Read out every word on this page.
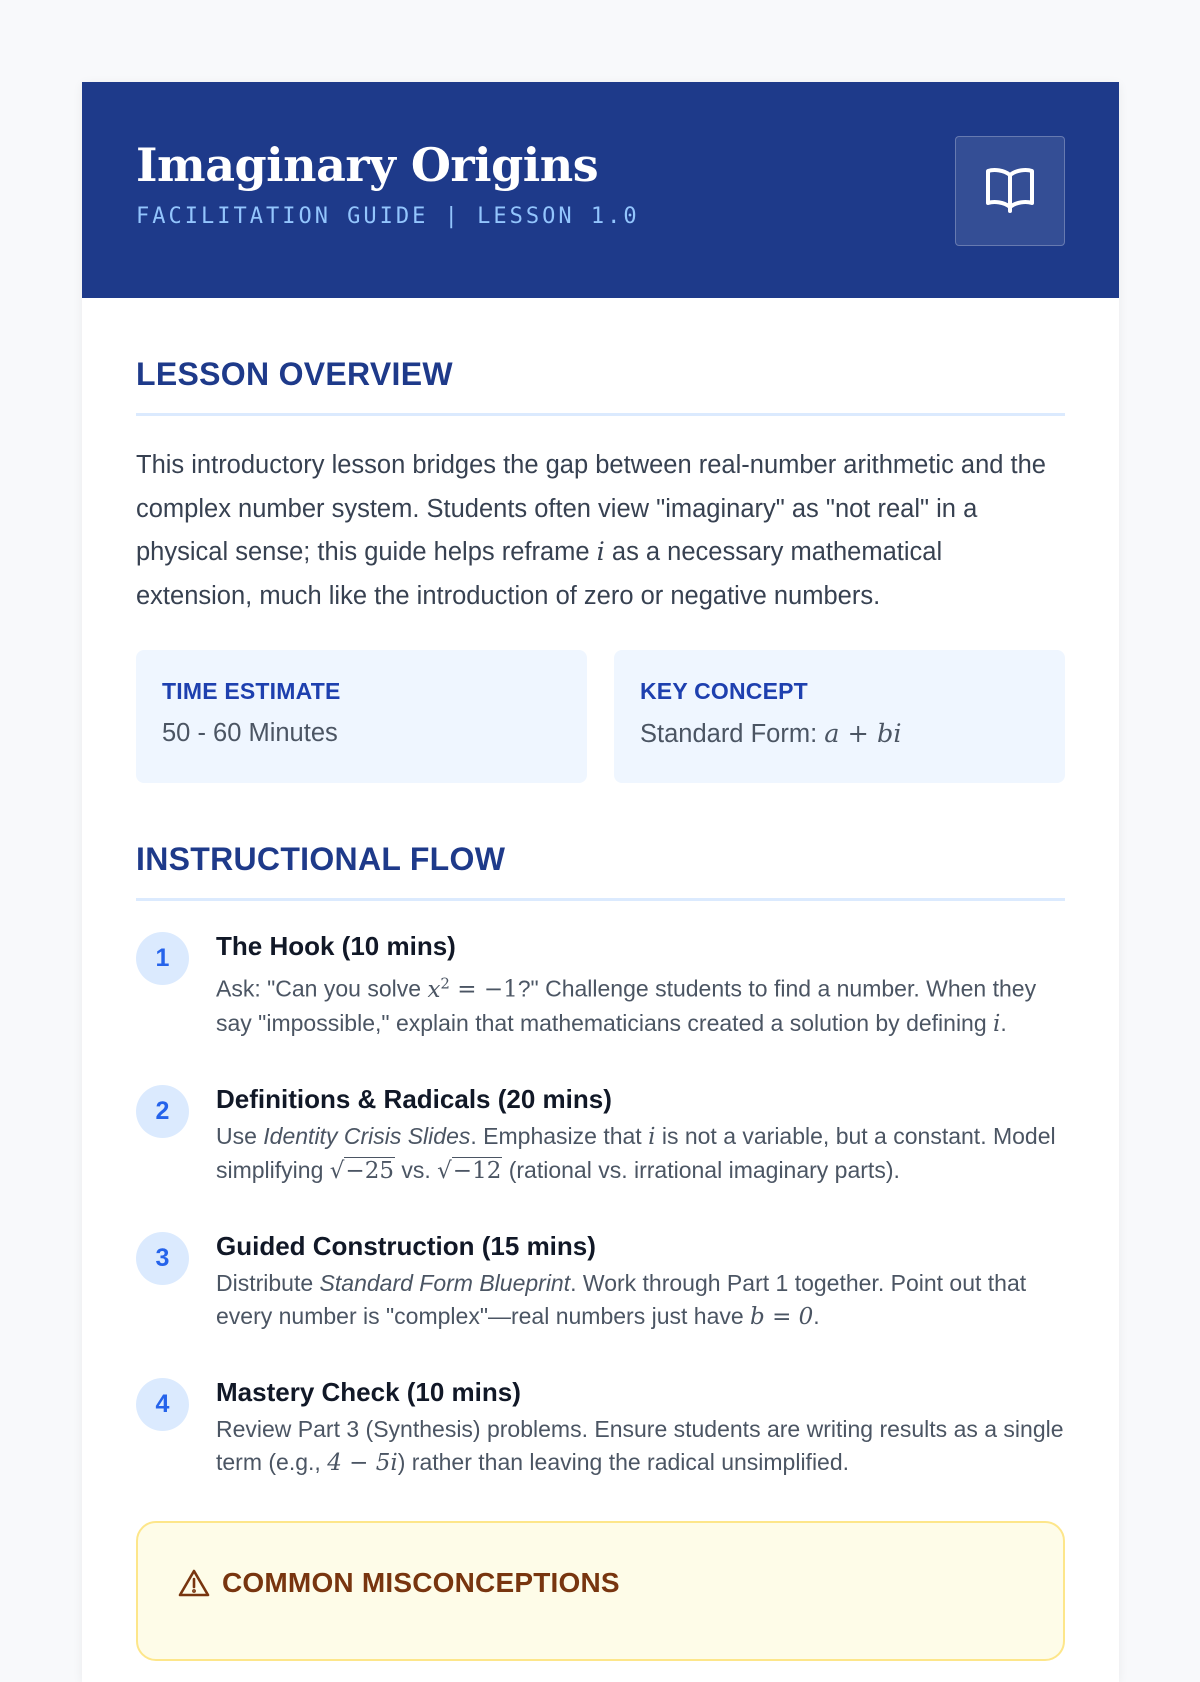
Imaginary Origins
FACILITATION GUIDE | LESSON 1.0
LESSON OVERVIEW

This introductory lesson bridges the gap between real-number arithmetic and the complex number system. Students often view "imaginary" as "not real" in a physical sense; this guide helps reframe i as a necessary mathematical extension, much like the introduction of zero or negative numbers.

TIME ESTIMATE
50 - 60 Minutes
KEY CONCEPT
Standard Form: a + bi
INSTRUCTIONAL FLOW
1	The Hook (10 mins)
Ask: "Can you solve $x^2 = -1$?" Challenge students to find a number. When they say "impossible," explain that mathematicians created a solution by defining i.
2	Definitions & Radicals (20 mins)
Use Identity Crisis Slides. Emphasize that i is not a variable, but a constant. Model simplifying √−25 vs. √−12 (rational vs. irrational imaginary parts).
3	Guided Construction (15 mins)
Distribute Standard Form Blueprint. Work through Part 1 together. Point out that every number is "complex"—real numbers just have b = 0.
4	Mastery Check (10 mins)
Review Part 3 (Synthesis) problems. Ensure students are writing results as a single term (e.g., 4 − 5i) rather than leaving the radical unsimplified.
COMMON MISCONCEPTIONS
